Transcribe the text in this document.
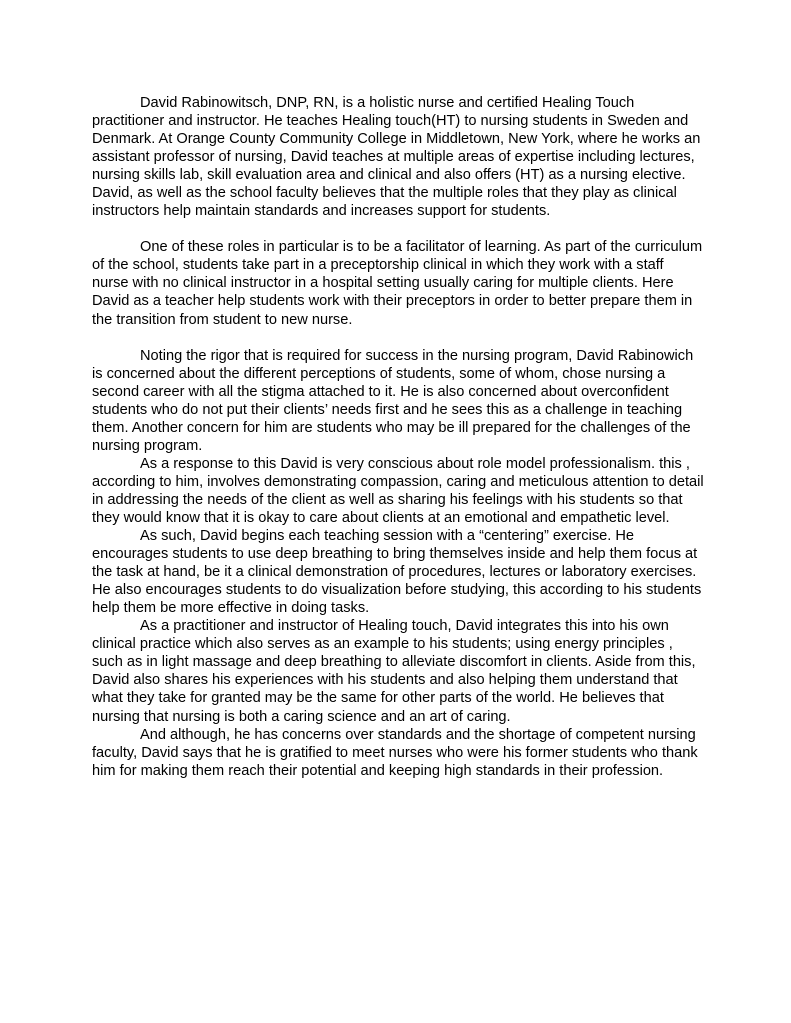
David Rabinowitsch, DNP, RN, is a holistic nurse and certified Healing Touch practitioner and instructor. He teaches Healing touch(HT) to nursing students in Sweden and Denmark. At Orange County Community College in Middletown, New York, where he works an assistant professor of nursing, David teaches at multiple areas of expertise including lectures, nursing skills lab, skill evaluation area and clinical and also offers (HT) as a nursing elective. David, as well as the school faculty believes that the multiple roles that they play as clinical instructors help maintain standards and increases support for students.

One of these roles in particular is to be a facilitator of learning. As part of the curriculum of the school, students take part in a preceptorship clinical in which they work with a staff nurse with no clinical instructor in a hospital setting usually caring for multiple clients. Here David as a teacher help students work with their preceptors in order to better prepare them in the transition from student to new nurse.

Noting the rigor that is required for success in the nursing program, David Rabinowich is concerned about the different perceptions of students, some of whom, chose nursing a second career with all the stigma attached to it. He is also concerned about overconfident students who do not put their clients’ needs first and he sees this as a challenge in teaching them. Another concern for him are students who may be ill prepared for the challenges of the nursing program.

As a response to this David is very conscious about role model professionalism. this , according to him, involves demonstrating compassion, caring and meticulous attention to detail in addressing the needs of the client as well as sharing his feelings with his students so that they would know that it is okay to care about clients at an emotional and empathetic level.

As such, David begins each teaching session with a “centering” exercise. He encourages students to use deep breathing to bring themselves inside and help them focus at the task at hand, be it a clinical demonstration of procedures, lectures or laboratory exercises. He also encourages students to do visualization before studying, this according to his students help them be more effective in doing tasks.

As a practitioner and instructor of Healing touch, David integrates this into his own clinical practice which also serves as an example to his students; using energy principles , such as in light massage and deep breathing to alleviate discomfort in clients. Aside from this, David also shares his experiences with his students and also helping them understand that what they take for granted may be the same for other parts of the world. He believes that nursing that nursing is both a caring science and an art of caring.

And although, he has concerns over standards and the shortage of competent nursing faculty, David says that he is gratified to meet nurses who were his former students who thank him for making them reach their potential and keeping high standards in their profession.
